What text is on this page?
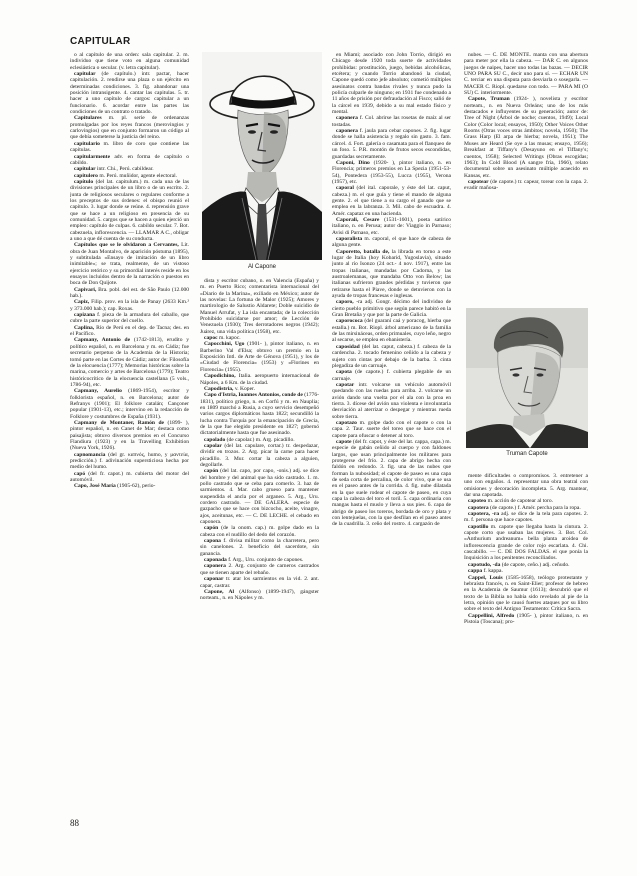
CAPITULAR

o al capítulo de una orden: sala capitular. 2. m. individuo que tiene voto en alguna comunidad eclesiástica o secular. (v. letra capitular).

capitular (de capítulo.) intr. pactar, hacer capitulación. 2. rendirse una plaza o un ejército en determinadas condiciones. 3. fig. abandonar una posición intransigente. 4. cantar las capitulas. 5. tr. hacer a uno capítulo de cargos: capitular a un funcionario. 6. acordar entre las partes las condiciones de un contrato o tratado.

Capitulares m. pl. serie de ordenanzas promulgadas por los reyes francos (merovingios y carlovingios) que en conjunto formaron un código al que debía someterse la justicia del reino.

capitulario m. libro de coro que contiene las capítulas.

capitularmente adv. en forma de capítulo o cabildo.

capitular intr. Chi., Perú. cabildear.

capitulero m. Perú. muñidor, agente electoral.

capítulo (del lat. capitulum.) m. cada una de las divisiones principales de un libro o de un escrito. 2. junta de religiosos seculares o regulares conforme a los preceptos de sus órdenes: el obispo reunió el capítulo. 3. lugar donde se reúne. 4. reprensión grave que se hace a un religioso en presencia de su comunidad. 5. cargos que se hacen a quien ejerció un empleo: capítulo de culpas. 6. cabildo secular. 7. Bot. cabezuela, inflorescencia. — LLAMAR A C., obligar a uno a que dé cuenta de su conducta.

Capítulos que se le olvidaron a Cervantes, Lit. obra de Juan Montalvo, de aparición póstuma (1895), y subtitulada «Ensayo de imitación de un libro inimitable»; se trata, realmente, de un vistoso ejercicio retórico y su primordial interés reside en los ensayos incluidos dentro de la narración o puestos en boca de Don Quijote.

Capivari, Bra. pobl. del est. de São Paulo (12.000 hab.).

Capiz, Filip. prov. en la isla de Panay (2633 Km.² y 373.000 hab.); cap. Roxas.

capizana f. pieza de la armadura del caballo, que cubre la parte superior del cuello.

Caplina, Río de Perú en el dep. de Tacna; des. en el Pacífico.

Capmany, Antonio de (1742-1813), erudito y político español, n. en Barcelona y m. en Cádiz; fue secretario perpetuo de la Academia de la Historia; tomó parte en las Cortes de Cádiz; autor de: Filosofía de la elocuencia (1777); Memorias históricas sobre la marina, comercio y artes de Barcelona (1779); Teatro históricocrítico de la elocuencia castellana (5 vols., 1786-94), etc.

Capmany, Aurelio (1869-1954), escritor y folklorista español, n. en Barcelona; autor de Refranys (1901); El folklore catalán; Cançoner popular (1901-13), etc.; intervino en la redacción de Folklore y costumbres de España (1931).

Capmany de Montaner, Ramón de (1899- ), pintor español, n. en Canet de Mar; destaca como paisajista; obtuvo diversos premios en el Concurso Flandiura (1923) y en la Travelling Exhibition (Nueva York, 1926).

capnomancia (del gr. καπνός, humo, y μαντεία, predicción.) f. adivinación supersticiosa hecha por medio del humo.

capó (del fr. capot.) m. cubierta del motor del automóvil.

Capo, José María (1905-62), perio-

Al Capone

dista y escritor cubano, n. en Valencia (España) y m. en Puerto Rico; comentarista internacional del «Diario de la Marina», exiliado en México; autor de las novelas: La fortuna de Malor (1925); Amores y martirologio de Salustio Aldarete; Doble suicidio de Manuel Arrufat, y La isla encantada; de la colección Prohibido suicidarse por amor; de Lección de Venezuela (1930); Tres derrotadores negros (1942); Juárez, una vida política (1958), etc.

capoc m. kapoc.

Capocchini, Ugo (1901- ), pintor italiano, n. en Barberino Val d'Elsa; obtuvo un premio en la Exposición Intl. de Arte de Génova (1951), y los de «Ciudad de Florencia» (1953) y «Florines en Florencia» (1955).

Capodichino, Italia. aeropuerto internacional de Nápoles, a 6 Km. de la ciudad.

Capodistria, v. Koper.

Capo d'Istria, Ioannes Antonios, conde de (1776-1831), político griego, n. en Corfú y m. en Nauplia; en 1809 marchó a Rusia, a cuyo servicio desempeñó varios cargos diplomáticos hasta 1822; secundilló la lucha contra Turquía por la emancipación de Grecia, de la que fue elegido presidente en 1827; gobernó dictatorialmente hasta que fue asesinado.

capolado (de capolar.) m. Arg. picadillo.

capolar (del lat. capulare, cortar.) tr. despedazar, dividir en trozos. 2. Arg. picar la carne para hacer picadillo. 3. Mur. cortar la cabeza a alguien, degollarle.

capón (del lat. capo, por capo, -onis.) adj. se dice del hombre y del animal que ha sido castrado. 1. m. pollo castrado que se ceba para comerlo. 3. haz de sarmientos. 4. Mar. cabo grueso para mantener suspendida el ancla por el arganeo. 5. Arg., Uru. cordero castrado. — DE GALERA. especie de gazpacho que se hace con bizcocho, aceite, vinagre, ajos, aceitunas, etc. — C. DE LECHE. el cebado en caponera.

capón (de la onom. cap.) m. golpe dado en la cabeza con el nudillo del dedo del corazón.

capona f. divisa militar como la charretera, pero sin canelones. 2. beneficio del sacerdote, sin ganancia.

caponada f. Arg., Uru. conjunto de capones.

caponera 2. Arg. conjunto de carneros castrados que se tienen aparte del rebaño.

caponar tr. atar los sarmientos en la vid. 2. ant. capar, castrar.

Capone, Al (Alfonso) (1899-1947), gángster norteam., n. en Nápoles y m.

en Miami; asociado con John Torrio, dirigió en Chicago desde 1920 toda suerte de actividades prohibidas: prostitución, juego, bebidas alcohólicas, etcétera; y cuando Torrio abandonó la ciudad, Capone quedó como jefe absoluto; cometió múltiples asesinatos contra bandas rivales y nunca pudo la policía culparle de ninguno; en 1931 fue condenado a 11 años de prisión por defraudación al Fisco; salió de la cárcel en 1939, debido a su mal estado físico y mental.

caponera f. Col. abrirse las rosetas de maíz al ser tostadas.

caponera f. jaula para cebar capones. 2. fig. lugar donde se halla asistencia y regalo sin gasto. 3. fam. cárcel. 4. Fort. galería o casamata para el flanqueo de un foso. 5. P.R. montón de frutos secos escondidas, guardadas secretamente.

Caponi, Dino (1920- ), pintor italiano, n. en Florencia; primeros premios en La Spezia (1951-53-54), Pontedera (1953-55), Lucca (1955), Verona (1957), etc.

caporal (del ital. caporale, y éste del lat. caput, cabeza.) m. el que guía y tiene el mando de alguna gente. 2. el que tiene a su cargo el ganado que se emplea en la labranza. 3. Mil. cabo de escuadra. 4. Amér. capataz en una hacienda.

Caporali, Cesare (1531-1601), poeta satírico italiano, n. en Perusa; autor de: Viaggio in Parnaso; Avisi di Parnaso, etc.

caporalista m. caporal, el que hace de cabeza de alguna gente.

Caporetto, batalla de, la librada en torno a este lugar de Italia (hoy Kobarid, Yugoslavia), situado junto al río Isonzo (24 oct.- 4 nov. 1917), entre las tropas italianas, mandadas por Cadorna, y las austroalemanas, que mandaba Otto von Below; las italianas sufrieron grandes pérdidas y tuvieron que retirarse hasta el Piave, donde se detuvieron con la ayuda de tropas francesas e inglesas.

caporo, -ra adj. Gongr. décimo del individuo de cierto pueblo primitivo que según parece habitó en la Gran Bretaña y que por la parte de Galicia.

caporococa (del guaraní caá y poracog, hierba que estalla.) m. Bot. Riopl. árbol americano de la familia de las mirsináceas, orden primuales, cuyo leño, negro al secarse, se emplea en ebanistería.

caposidad (del lat. caput, cabeza.) f. cabeza de la cardencha. 2. tocado femenino ceñido a la cabeza y sujeto con cintas por debajo de la barba. 3. cinta plegadiza de un carruaje.

capota (de capote.) f. cubierta plegable de un carruaje.

capotar intr. volcarse un vehículo automóvil quedando con las ruedas para arriba. 2. volcarse un avión dando una vuelta por el ala con la proa en tierra. 3. dícese del avión una violenta e involuntaria desviación al aterrizar o despegar y mientras rueda sobre tierra.

capotazo m. golpe dado con el capote o con la capa. 2. Taur. suerte del toreo que se hace con el capote para ofuscar o detener al toro.

capote (del fr. capot, y éste del lat. cappa, capa.) m. especie de gabán ceñido al cuerpo y con faldones largos, que usan principalmente los militares para protegerse del frío. 2. capa de abrigo hecha con faldón en redondo. 3. fig. una de las nubes que forman la nubosidad; el capote de paseo es una capa de seda corta de percalina, de color vivo, que se usa en el paseo antes de la corrida. 4. fig. nube dilatada en la que suele rodear el capote de paseo, en cuya capa la cabeza del toro el toril. 5. capa ordinaria con mangas hasta el muslo y lleva a sus pies. 6. capa de abrigo de paseo los toreros, bordada de oro y plata y con lentejuelas, con la que desfilan en el paseo antes de la cuadrilla. 3. ceño del rostro. 4. cargazón de

nubes. — C. DE MONTE. manta con una abertura para meter por ella la cabeza. — DAR C. en algunos juegos de naipes, hacer uno todas las bazas. — DECIR UNO PARA SU C., decir uno para sí. — ECHAR UN C. terciar en una disputa para desviarla o sosegarla. — MACER C. Riopl. quedarse con todo. — PARA MI (O SU) C. interiormente.

Capote, Truman (1924- ), novelista y escritor norteam., n. en Nueva Orleáns; uno de los más destacados e influyentes de su generación; autor de: Tree of Night (Árbol de noche; cuentos, 1949); Local Color (Color local; ensayos, 1950); Other Voices Other Rooms (Otras voces otras ámbitos; novela, 1950); The Grass Harp (El arpa de hierba; novela, 1951); The Muses are Heard (Se oye a las musas; ensayo, 1956); Breakfast at Tiffany's (Desayuno en el Tiffany's; cuentos, 1958); Selected Writings (Obras escogidas; 1963); In Cold Blood (A sangre fría, 1966), relato documental sobre un asesinato múltiple acaecido en Kansas, etc.

capotear (de capote.) tr. capear, torear con la capa. 2. evadir mañosa-

Truman Capote

mente dificultades o compromisos. 3. entretener a uno con engaños. 4. representar una obra teatral con omisiones y decoración incompleta. 5. Arg. mantear, dar una capotada.

capoteo m. acción de capotear al toro.

capotera (de capote.) f. Amér. percha para la ropa.

capotera, -ra adj. se dice de la tela para capotes. 2. m. f. persona que hace capotes.

capotillo m. capote que llegaba hasta la cintura. 2. capote corto que usaban las mujeres. 3. Bot. Col. «Anthurium andreanum» bella planta aroidea de inflorescencia grande de color rojo escarlata. 4. Chi. cascabillo. — C. DE DOS FALDAS. el que ponía la Inquisición a los penitentes reconciliados.

capotudo, -da (de capote, ceño.) adj. ceñudo.

cappa f. kappa.

Cappel, Louis (1585-1658), teólogo protestante y hebraísta francés, n. en Saint-Elier; profesor de hebreo en la Academia de Saumur (1613); descubrió que el texto de la Biblia no había sido revelado al pie de la letra, opinión que le causó fuertes ataques por su libro sobre el texto del Antiguo Testamento: Crítica Sacra.

Cappellini, Alfredo (1905- ), pintor italiano, n. en Pistoia (Toscana); pro-

88
